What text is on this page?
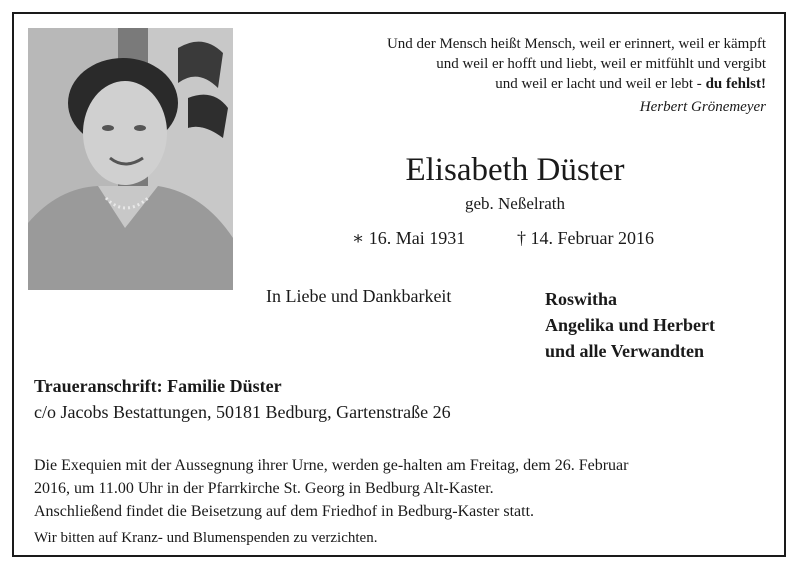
Und der Mensch heißt Mensch, weil er erinnert, weil er kämpft
und weil er hofft und liebt, weil er mitfühlt und vergibt
und weil er lacht und weil er lebt - du fehlst!
Herbert Grönemeyer
Elisabeth Düster
geb. Neßelrath
∗ 16. Mai 1931	† 14. Februar 2016
In Liebe und Dankbarkeit	Roswitha
Angelika und Herbert
und alle Verwandten
Traueranschrift: Familie Düster
c/o Jacobs Bestattungen, 50181 Bedburg, Gartenstraße 26
Die Exequien mit der Aussegnung ihrer Urne, werden ge-halten am Freitag, dem 26. Februar
2016, um 11.00 Uhr in der Pfarrkirche St. Georg in Bedburg Alt-Kaster.
Anschließend findet die Beisetzung auf dem Friedhof in Bedburg-Kaster statt.
Wir bitten auf Kranz- und Blumenspenden zu verzichten.
